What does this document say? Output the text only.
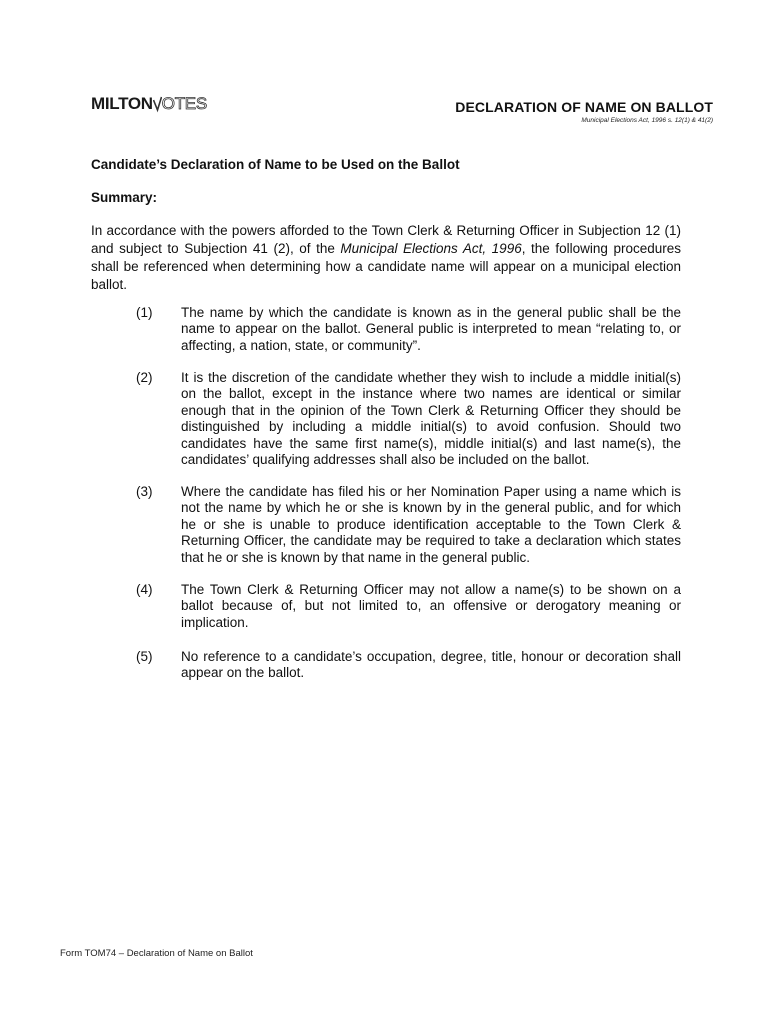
MILTON OTES	DECLARATION OF NAME ON BALLOT
Municipal Elections Act, 1996 s. 12(1) & 41(2)
Candidate’s Declaration of Name to be Used on the Ballot
Summary:
In accordance with the powers afforded to the Town Clerk & Returning Officer in Subjection 12 (1) and subject to Subjection 41 (2), of the Municipal Elections Act, 1996, the following procedures shall be referenced when determining how a candidate name will appear on a municipal election ballot.
(1) The name by which the candidate is known as in the general public shall be the name to appear on the ballot. General public is interpreted to mean “relating to, or affecting, a nation, state, or community”.
(2) It is the discretion of the candidate whether they wish to include a middle initial(s) on the ballot, except in the instance where two names are identical or similar enough that in the opinion of the Town Clerk & Returning Officer they should be distinguished by including a middle initial(s) to avoid confusion. Should two candidates have the same first name(s), middle initial(s) and last name(s), the candidates’ qualifying addresses shall also be included on the ballot.
(3) Where the candidate has filed his or her Nomination Paper using a name which is not the name by which he or she is known by in the general public, and for which he or she is unable to produce identification acceptable to the Town Clerk & Returning Officer, the candidate may be required to take a declaration which states that he or she is known by that name in the general public.
(4) The Town Clerk & Returning Officer may not allow a name(s) to be shown on a ballot because of, but not limited to, an offensive or derogatory meaning or implication.
(5) No reference to a candidate’s occupation, degree, title, honour or decoration shall appear on the ballot.
Form TOM74 – Declaration of Name on Ballot
